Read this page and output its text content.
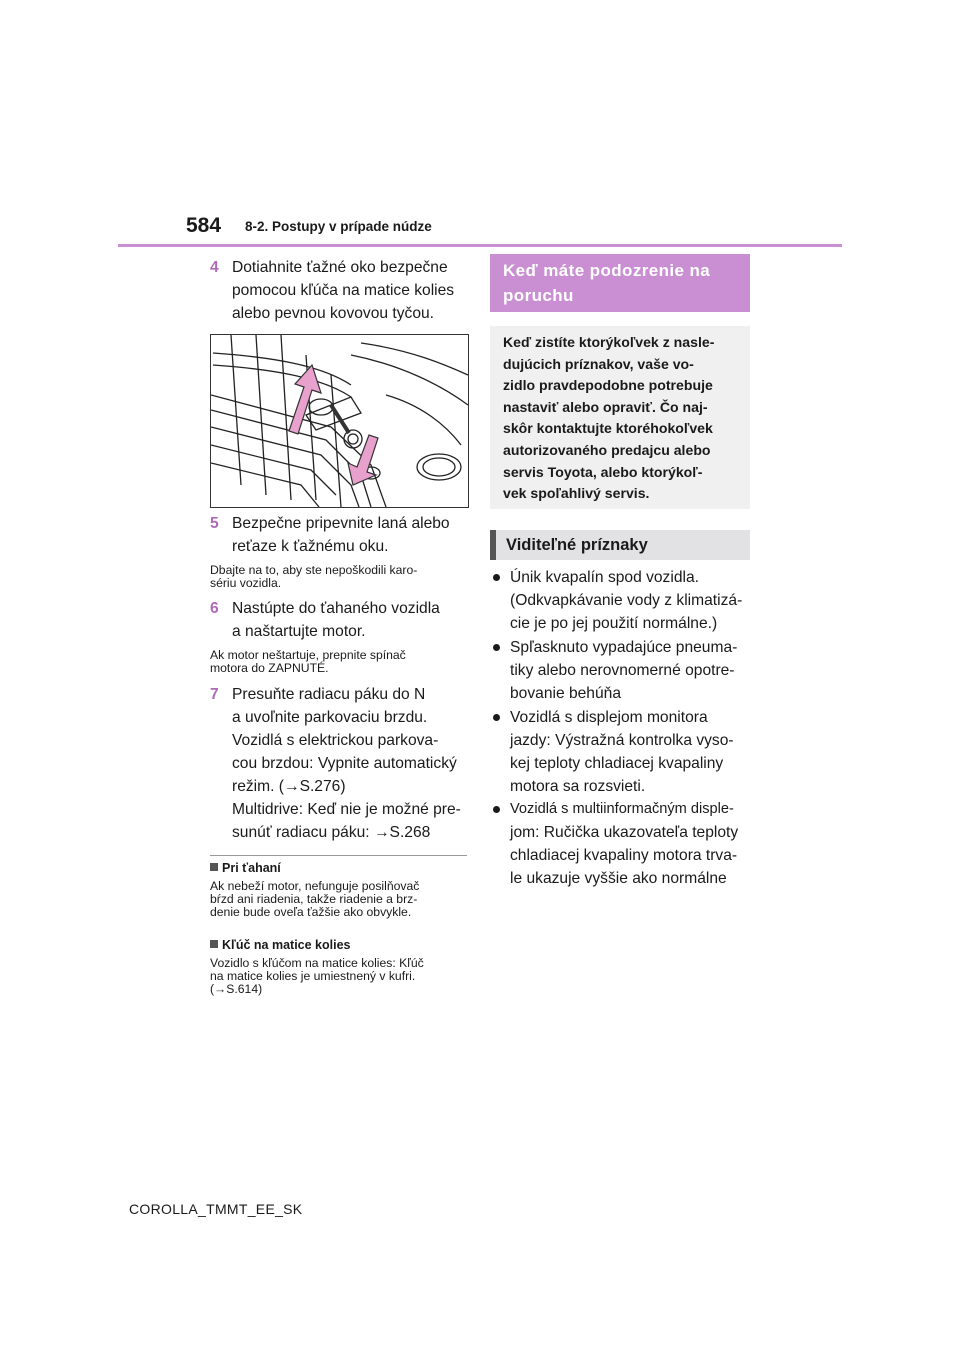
584 8-2. Postupy v prípade núdze
4 Dotiahnite ťažné oko bezpečne
pomocou kľúča na matice kolies
alebo pevnou kovovou tyčou.
5 Bezpečne pripevnite laná alebo
reťaze k ťažnému oku.
Dbajte na to, aby ste nepoškodili karo-
sériu vozidla.
6 Nastúpte do ťahaného vozidla
a naštartujte motor.
Ak motor neštartuje, prepnite spínač
motora do ZAPNUTÉ.
7 Presuňte radiacu páku do N
a uvoľnite parkovaciu brzdu.
Vozidlá s elektrickou parkova-
cou brzdou: Vypnite automatický
režim. (→S.276)
Multidrive: Keď nie je možné pre-
sunúť radiacu páku: →S.268
Pri ťahaní
Ak nebeží motor, nefunguje posilňovač
bŕzd ani riadenia, takže riadenie a brz-
denie bude oveľa ťažšie ako obvykle.
Kľúč na matice kolies
Vozidlo s kľúčom na matice kolies: Kľúč
na matice kolies je umiestnený v kufri.
(→S.614)
Keď máte podozrenie na
poruchu
Keď zistíte ktorýkoľvek z nasle-
dujúcich príznakov, vaše vo-
zidlo pravdepodobne potrebuje
nastaviť alebo opraviť. Čo naj-
skôr kontaktujte ktoréhokoľvek
autorizovaného predajcu alebo
servis Toyota, alebo ktorýkoľ-
vek spoľahlivý servis.
Viditeľné príznaky
Únik kvapalín spod vozidla.
(Odkvapkávanie vody z klimatizá-
cie je po jej použití normálne.)
Spľasknuto vypadajúce pneuma-
tiky alebo nerovnomerné opotre-
bovanie behúňa
Vozidlá s displejom monitora
jazdy: Výstražná kontrolka vyso-
kej teploty chladiacej kvapaliny
motora sa rozsvieti.
Vozidlá s multiinformačným disple-
jom: Ručička ukazovateľa teploty
chladiacej kvapaliny motora trva-
le ukazuje vyššie ako normálne
COROLLA_TMMT_EE_SK
